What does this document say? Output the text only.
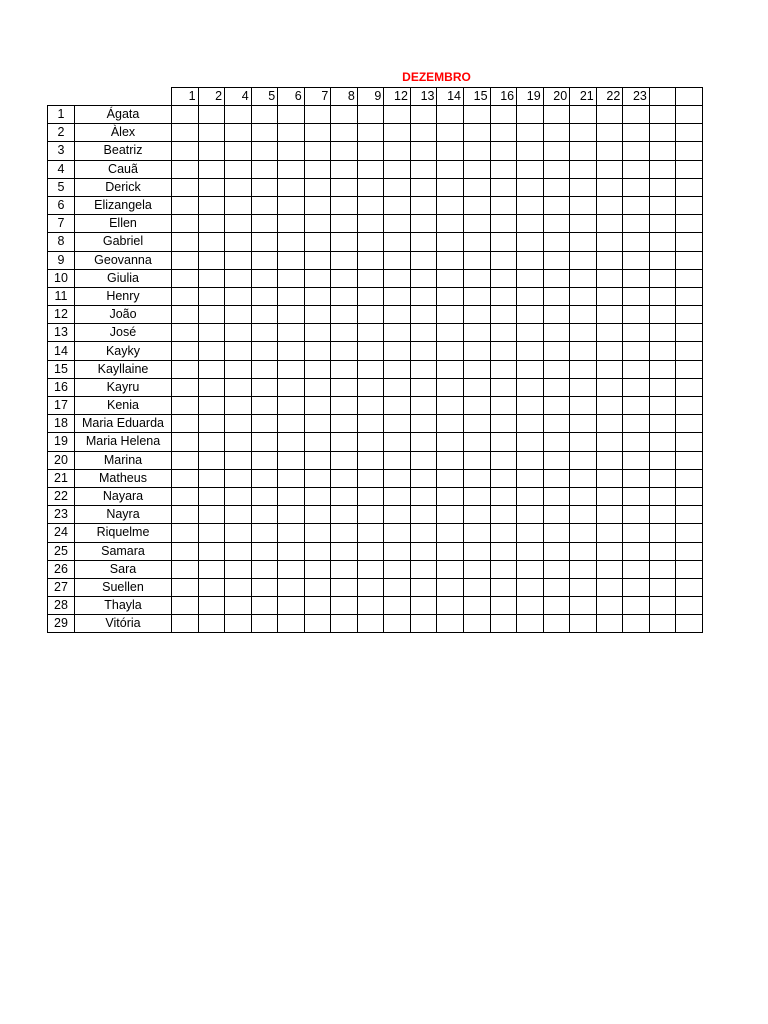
DEZEMBRO
		1	2	4	5	6	7	8	9	12	13	14	15	16	19	20	21	22	23		
1	Ágata																				
2	Àlex																				
3	Beatriz																				
4	Cauã																				
5	Derick																				
6	Elizangela																				
7	Ellen																				
8	Gabriel																				
9	Geovanna																				
10	Giulia																				
11	Henry																				
12	João																				
13	José																				
14	Kayky																				
15	Kayllaine																				
16	Kayru																				
17	Kenia																				
18	Maria Eduarda																				
19	Maria Helena																				
20	Marina																				
21	Matheus																				
22	Nayara																				
23	Nayra																				
24	Riquelme																				
25	Samara																				
26	Sara																				
27	Suellen																				
28	Thayla																				
29	Vitória																				
